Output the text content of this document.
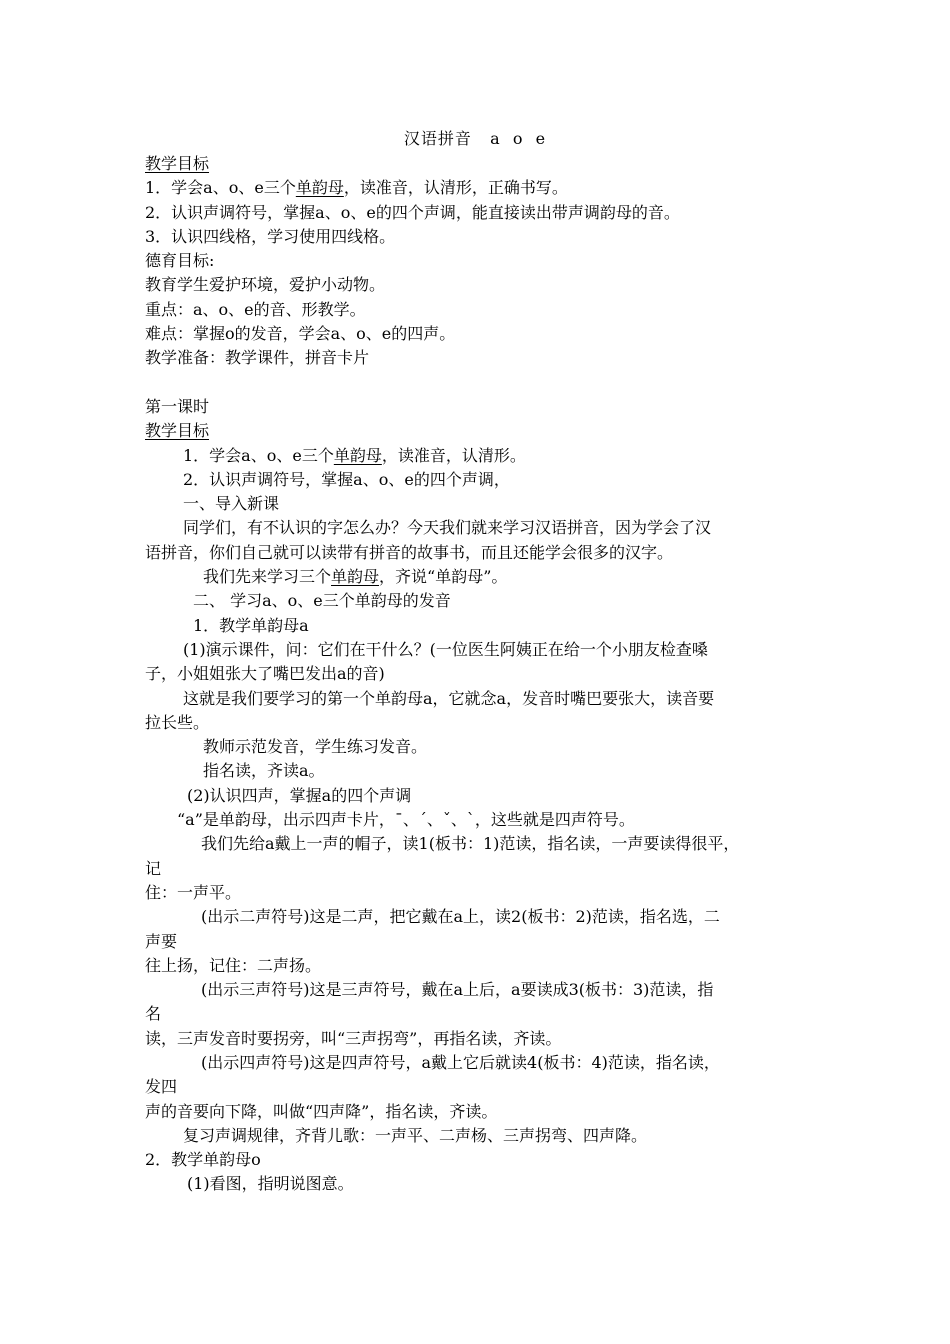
汉语拼音   a  o  e
教学目标
1．学会a、o、e三个单韵母，读准音，认清形，正确书写。
2．认识声调符号，掌握a、o、e的四个声调，能直接读出带声调韵母的音。
3．认识四线格，学习使用四线格。
德育目标:
教育学生爱护环境，爱护小动物。
重点：a、o、e的音、形教学。
难点：掌握o的发音，学会a、o、e的四声。
教学准备：教学课件，拼音卡片
第一课时
教学目标
1．学会a、o、e三个单韵母，读准音，认清形。
2．认识声调符号，掌握a、o、e的四个声调，
一、导入新课
同学们，有不认识的字怎么办？今天我们就来学习汉语拼音，因为学会了汉
语拼音，你们自己就可以读带有拼音的故事书，而且还能学会很多的汉字。
我们先来学习三个单韵母，齐说“单韵母”。
二、 学习a、o、e三个单韵母的发音
1．教学单韵母a
(1)演示课件，问：它们在干什么？(一位医生阿姨正在给一个小朋友检查嗓
子，小姐姐张大了嘴巴发出a的音)
这就是我们要学习的第一个单韵母a，它就念a，发音时嘴巴要张大，读音要
拉长些。
教师示范发音，学生练习发音。
指名读，齐读a。
(2)认识四声，掌握a的四个声调
“a”是单韵母，出示四声卡片，ˉ、ˊ、ˇ、ˋ，这些就是四声符号。
我们先给a戴上一声的帽子，读1(板书：1)范读，指名读，一声要读得很平，
记
住：一声平。
(出示二声符号)这是二声，把它戴在a上，读2(板书：2)范读，指名选，二
声要
往上扬，记住：二声扬。
(出示三声符号)这是三声符号，戴在a上后，a要读成3(板书：3)范读，指
名
读，三声发音时要拐旁，叫“三声拐弯”，再指名读，齐读。
(出示四声符号)这是四声符号，a戴上它后就读4(板书：4)范读，指名读，
发四
声的音要向下降，叫做“四声降”，指名读，齐读。
复习声调规律，齐背儿歌：一声平、二声杨、三声拐弯、四声降。
2．教学单韵母o
(1)看图，指明说图意。
